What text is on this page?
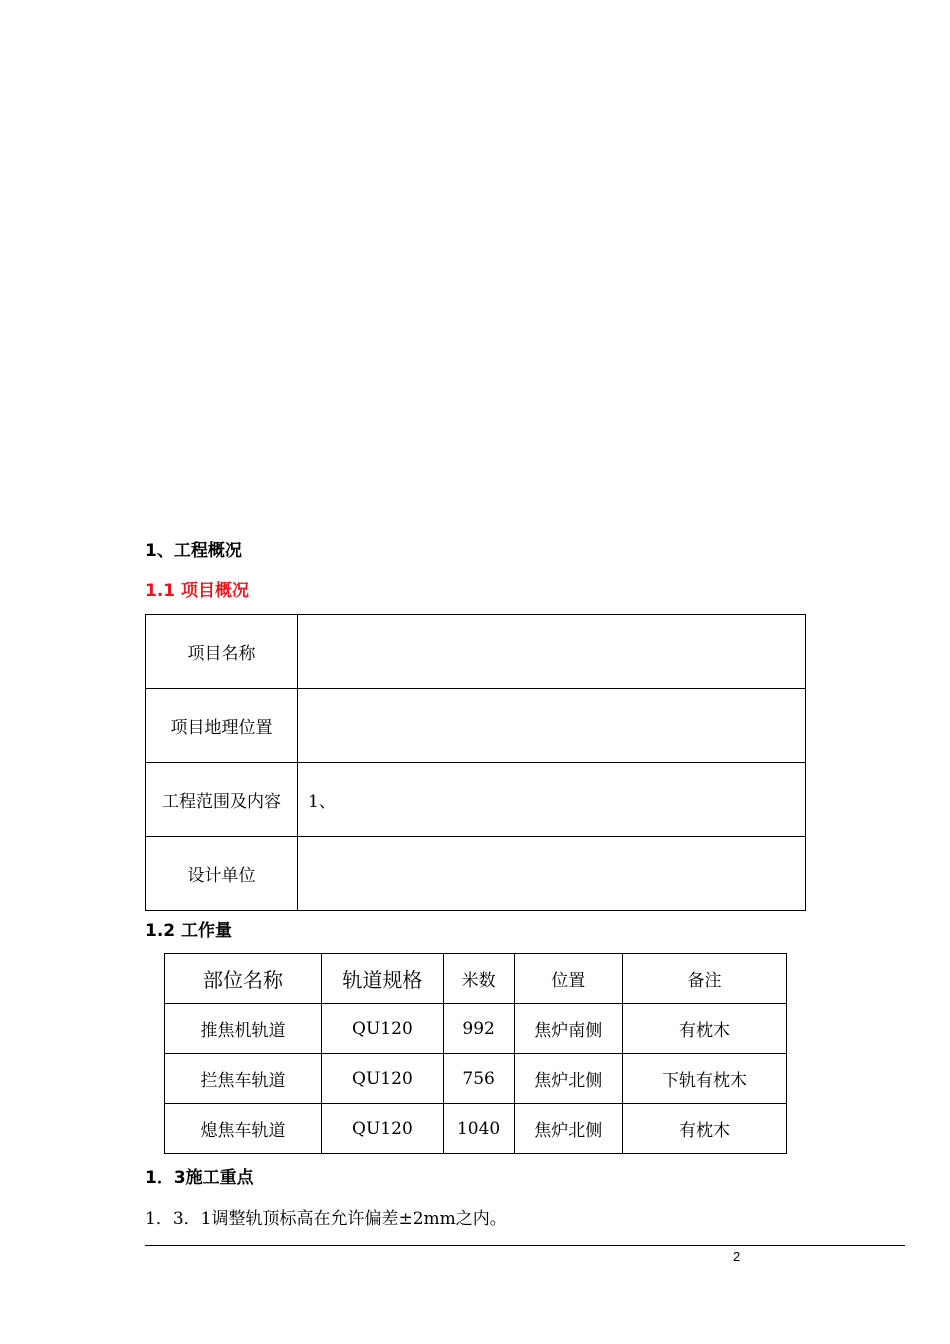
1、工程概况
1.1 项目概况
项目名称	
项目地理位置	
工程范围及内容	1、
设计单位	
1.2 工作量
部位名称	轨道规格	米数	位置	备注
推焦机轨道	QU120	992	焦炉南侧	有枕木
拦焦车轨道	QU120	756	焦炉北侧	下轨有枕木
熄焦车轨道	QU120	1040	焦炉北侧	有枕木
1．3施工重点
1．3．1调整轨顶标高在允许偏差±2mm之内。
2
